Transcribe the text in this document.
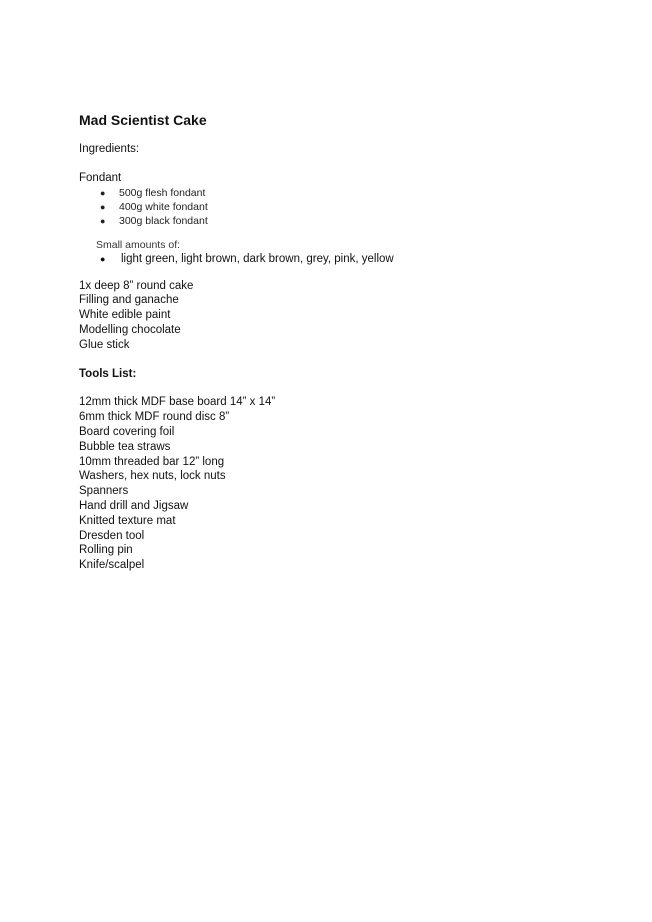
Mad Scientist Cake

Ingredients:

Fondant

● 500g flesh fondant
● 400g white fondant
● 300g black fondant

Small amounts of:

● light green, light brown, dark brown, grey, pink, yellow

1x deep 8” round cake

Filling and ganache

White edible paint

Modelling chocolate

Glue stick

Tools List:

12mm thick MDF base board 14” x 14”

6mm thick MDF round disc 8”

Board covering foil

Bubble tea straws

10mm threaded bar 12” long

Washers, hex nuts, lock nuts

Spanners

Hand drill and Jigsaw

Knitted texture mat

Dresden tool

Rolling pin

Knife/scalpel
